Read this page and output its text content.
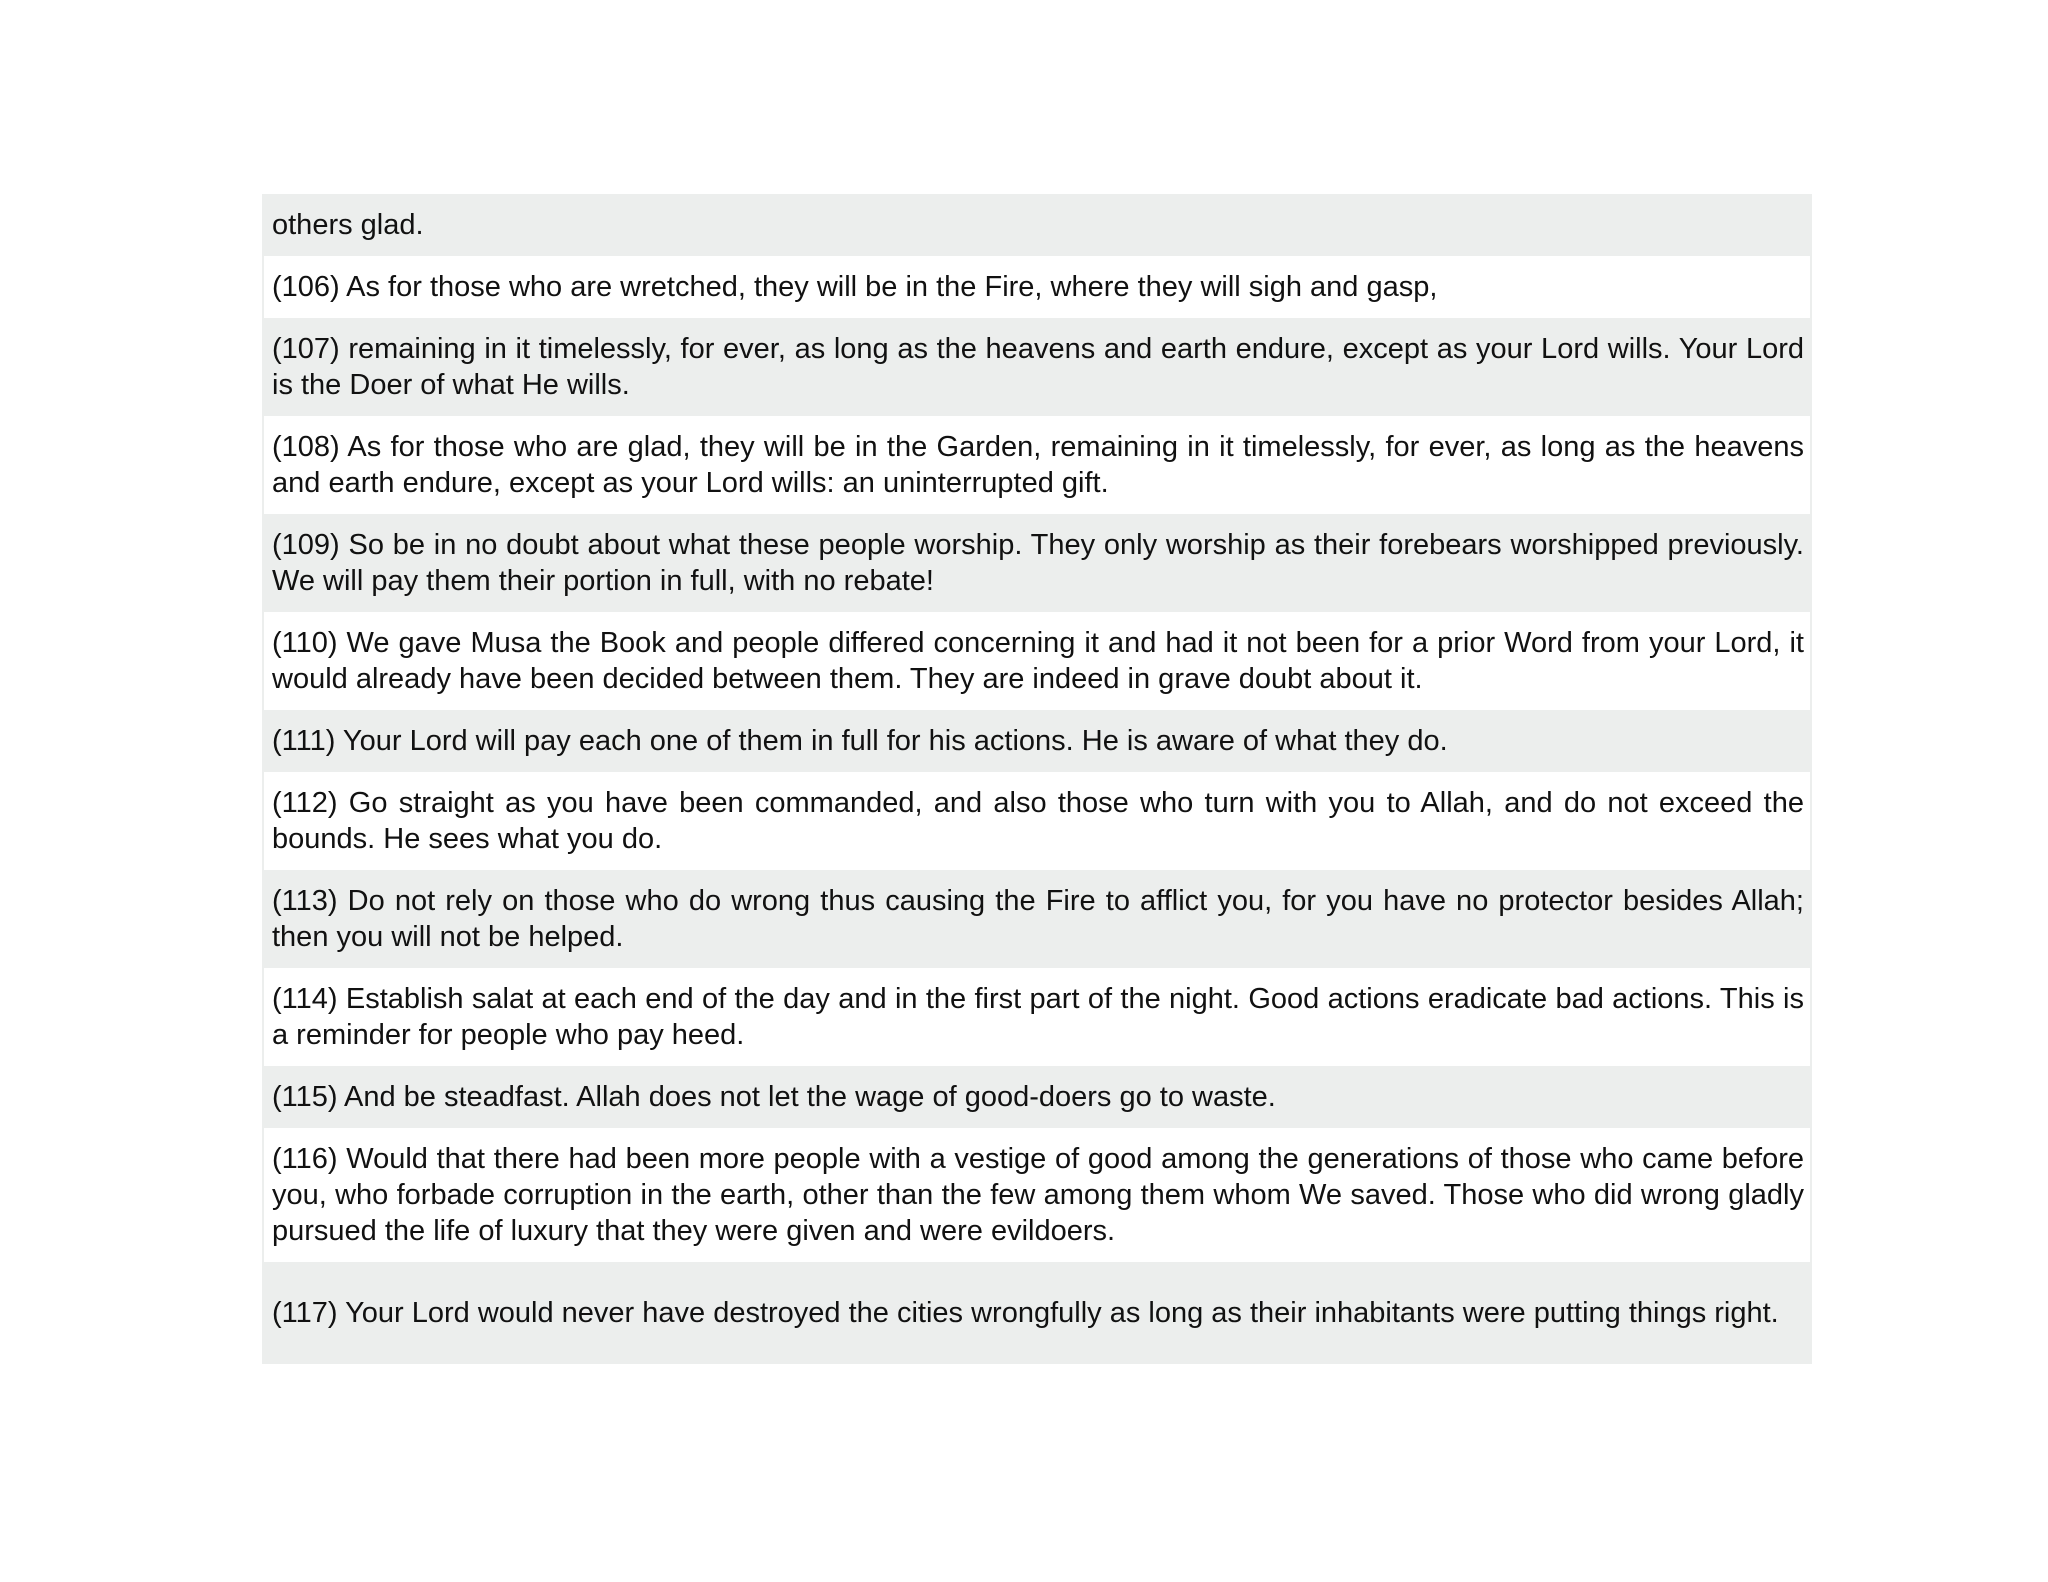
others glad.
(106) As for those who are wretched, they will be in the Fire, where they will sigh and gasp,
(107) remaining in it timelessly, for ever, as long as the heavens and earth endure, except as your Lord wills. Your Lord is the Doer of what He wills.
(108) As for those who are glad, they will be in the Garden, remaining in it timelessly, for ever, as long as the heavens and earth endure, except as your Lord wills: an uninterrupted gift.
(109) So be in no doubt about what these people worship. They only worship as their forebears worshipped previously. We will pay them their portion in full, with no rebate!
(110) We gave Musa the Book and people differed concerning it and had it not been for a prior Word from your Lord, it would already have been decided between them. They are indeed in grave doubt about it.
(111) Your Lord will pay each one of them in full for his actions. He is aware of what they do.
(112) Go straight as you have been commanded, and also those who turn with you to Allah, and do not exceed the bounds. He sees what you do.
(113) Do not rely on those who do wrong thus causing the Fire to afflict you, for you have no protector besides Allah; then you will not be helped.
(114) Establish salat at each end of the day and in the first part of the night. Good actions eradicate bad actions. This is a reminder for people who pay heed.
(115) And be steadfast. Allah does not let the wage of good-doers go to waste.
(116) Would that there had been more people with a vestige of good among the generations of those who came before you, who forbade corruption in the earth, other than the few among them whom We saved. Those who did wrong gladly pursued the life of luxury that they were given and were evildoers.
(117) Your Lord would never have destroyed the cities wrongfully as long as their inhabitants were putting things right.
